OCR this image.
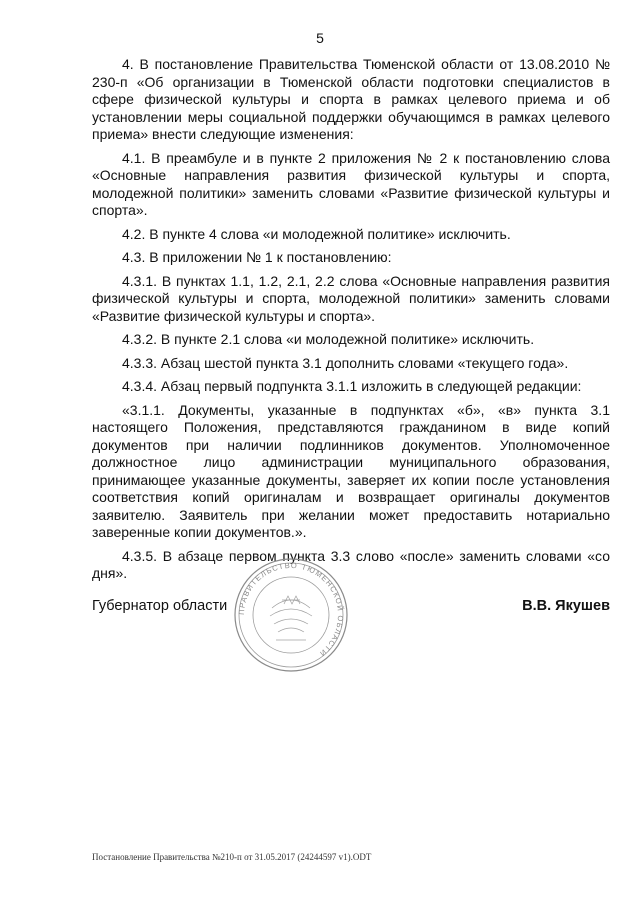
5

4. В постановление Правительства Тюменской области от 13.08.2010 № 230-п «Об организации в Тюменской области подготовки специалистов в сфере физической культуры и спорта в рамках целевого приема и об установлении меры социальной поддержки обучающимся в рамках целевого приема» внести следующие изменения:

4.1. В преамбуле и в пункте 2 приложения № 2 к постановлению слова «Основные направления развития физической культуры и спорта, молодежной политики» заменить словами «Развитие физической культуры и спорта».

4.2. В пункте 4 слова «и молодежной политике» исключить.

4.3. В приложении № 1 к постановлению:

4.3.1. В пунктах 1.1, 1.2, 2.1, 2.2 слова «Основные направления развития физической культуры и спорта, молодежной политики» заменить словами «Развитие физической культуры и спорта».

4.3.2. В пункте 2.1 слова «и молодежной политике» исключить.

4.3.3. Абзац шестой пункта 3.1 дополнить словами «текущего года».

4.3.4. Абзац первый подпункта 3.1.1 изложить в следующей редакции:

«3.1.1. Документы, указанные в подпунктах «б», «в» пункта 3.1 настоящего Положения, представляются гражданином в виде копий документов при наличии подлинников документов. Уполномоченное должностное лицо администрации муниципального образования, принимающее указанные документы, заверяет их копии после установления соответствия копий оригиналам и возвращает оригиналы документов заявителю. Заявитель при желании может предоставить нотариально заверенные копии документов.».

4.3.5. В абзаце первом пункта 3.3 слово «после» заменить словами «со дня».

ПРАВИТЕЛЬСТВО ТЮМЕНСКОЙ ОБЛАСТИ
Губернатор области	В.В. Якушев
Постановление Правительства №210-п от 31.05.2017 (24244597 v1).ODT
